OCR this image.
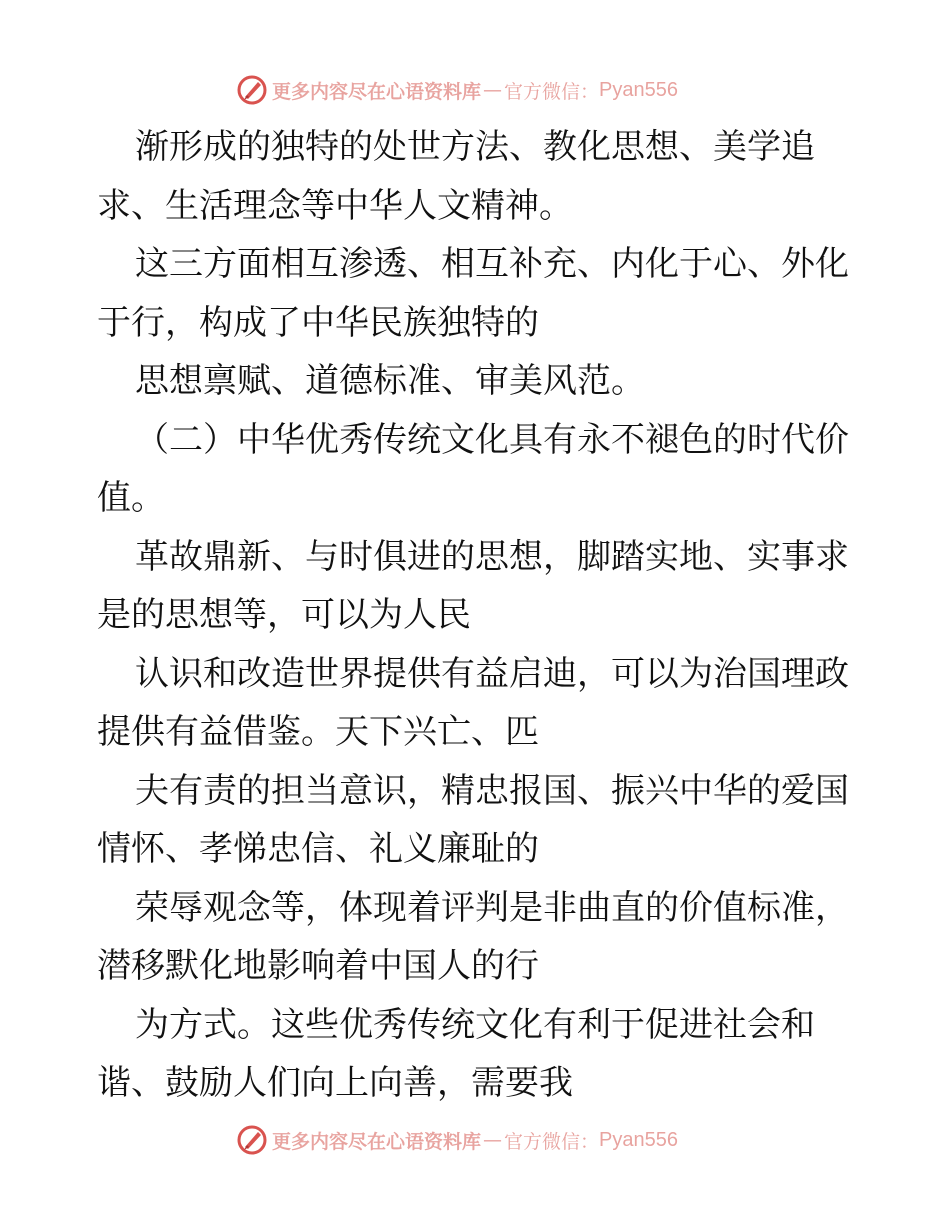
更多内容尽在心语资料库 — 官方微信： Pyan556
渐形成的独特的处世方法、教化思想、美学追
求、生活理念等中华人文精神。
这三方面相互渗透、相互补充、内化于心、外化
于行，构成了中华民族独特的
思想禀赋、道德标准、审美风范。
（二）中华优秀传统文化具有永不褪色的时代价
值。
革故鼎新、与时俱进的思想，脚踏实地、实事求
是的思想等，可以为人民
认识和改造世界提供有益启迪，可以为治国理政
提供有益借鉴。天下兴亡、匹
夫有责的担当意识，精忠报国、振兴中华的爱国
情怀、孝悌忠信、礼义廉耻的
荣辱观念等，体现着评判是非曲直的价值标准，
潜移默化地影响着中国人的行
为方式。这些优秀传统文化有利于促进社会和
谐、鼓励人们向上向善，需要我
更多内容尽在心语资料库 — 官方微信： Pyan556
